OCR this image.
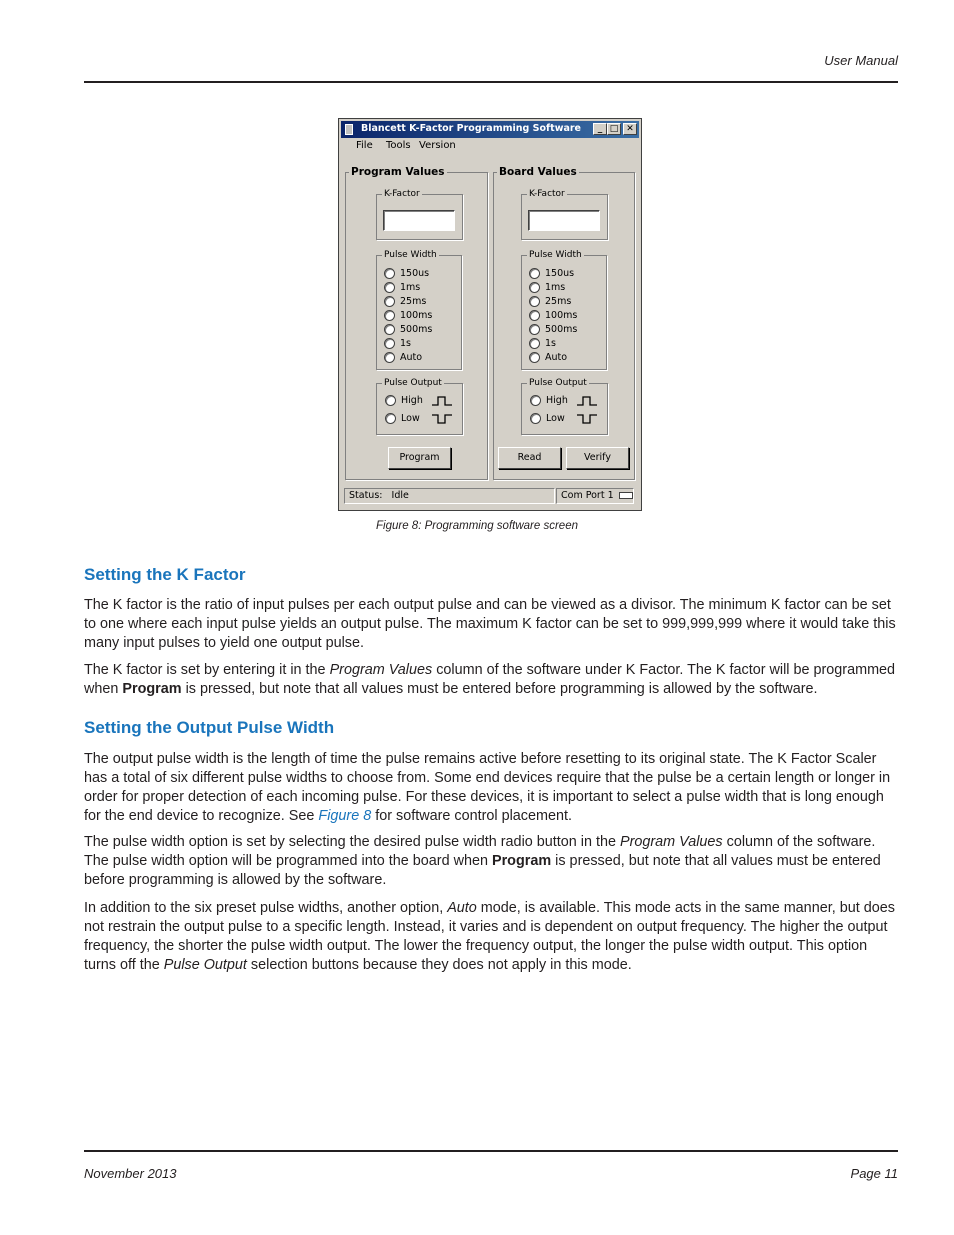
User Manual
Blancett K-Factor Programming Software	_ □ ✕
File Tools Version
Program Values
K-Factor
Pulse Width
150us
1ms
25ms
100ms
500ms
1s
Auto
Pulse Output
High
Low
Program
Board Values
K-Factor
Pulse Width
150us
1ms
25ms
100ms
500ms
1s
Auto
Pulse Output
High
Low
Read	Verify
Status: Idle	Com Port 1
Figure 8: Programming software screen
Setting the K Factor

The K factor is the ratio of input pulses per each output pulse and can be viewed as a divisor. The minimum K factor can be set to one where each input pulse yields an output pulse. The maximum K factor can be set to 999,999,999 where it would take this many input pulses to yield one output pulse.

The K factor is set by entering it in the Program Values column of the software under K Factor. The K factor will be programmed when Program is pressed, but note that all values must be entered before programming is allowed by the software.

Setting the Output Pulse Width

The output pulse width is the length of time the pulse remains active before resetting to its original state. The K Factor Scaler has a total of six different pulse widths to choose from. Some end devices require that the pulse be a certain length or longer in order for proper detection of each incoming pulse. For these devices, it is important to select a pulse width that is long enough for the end device to recognize. See Figure 8 for software control placement.

The pulse width option is set by selecting the desired pulse width radio button in the Program Values column of the software. The pulse width option will be programmed into the board when Program is pressed, but note that all values must be entered before programming is allowed by the software.

In addition to the six preset pulse widths, another option, Auto mode, is available. This mode acts in the same manner, but does not restrain the output pulse to a specific length. Instead, it varies and is dependent on output frequency. The higher the output frequency, the shorter the pulse width output. The lower the frequency output, the longer the pulse width output. This option turns off the Pulse Output selection buttons because they does not apply in this mode.

November 2013	Page 11
